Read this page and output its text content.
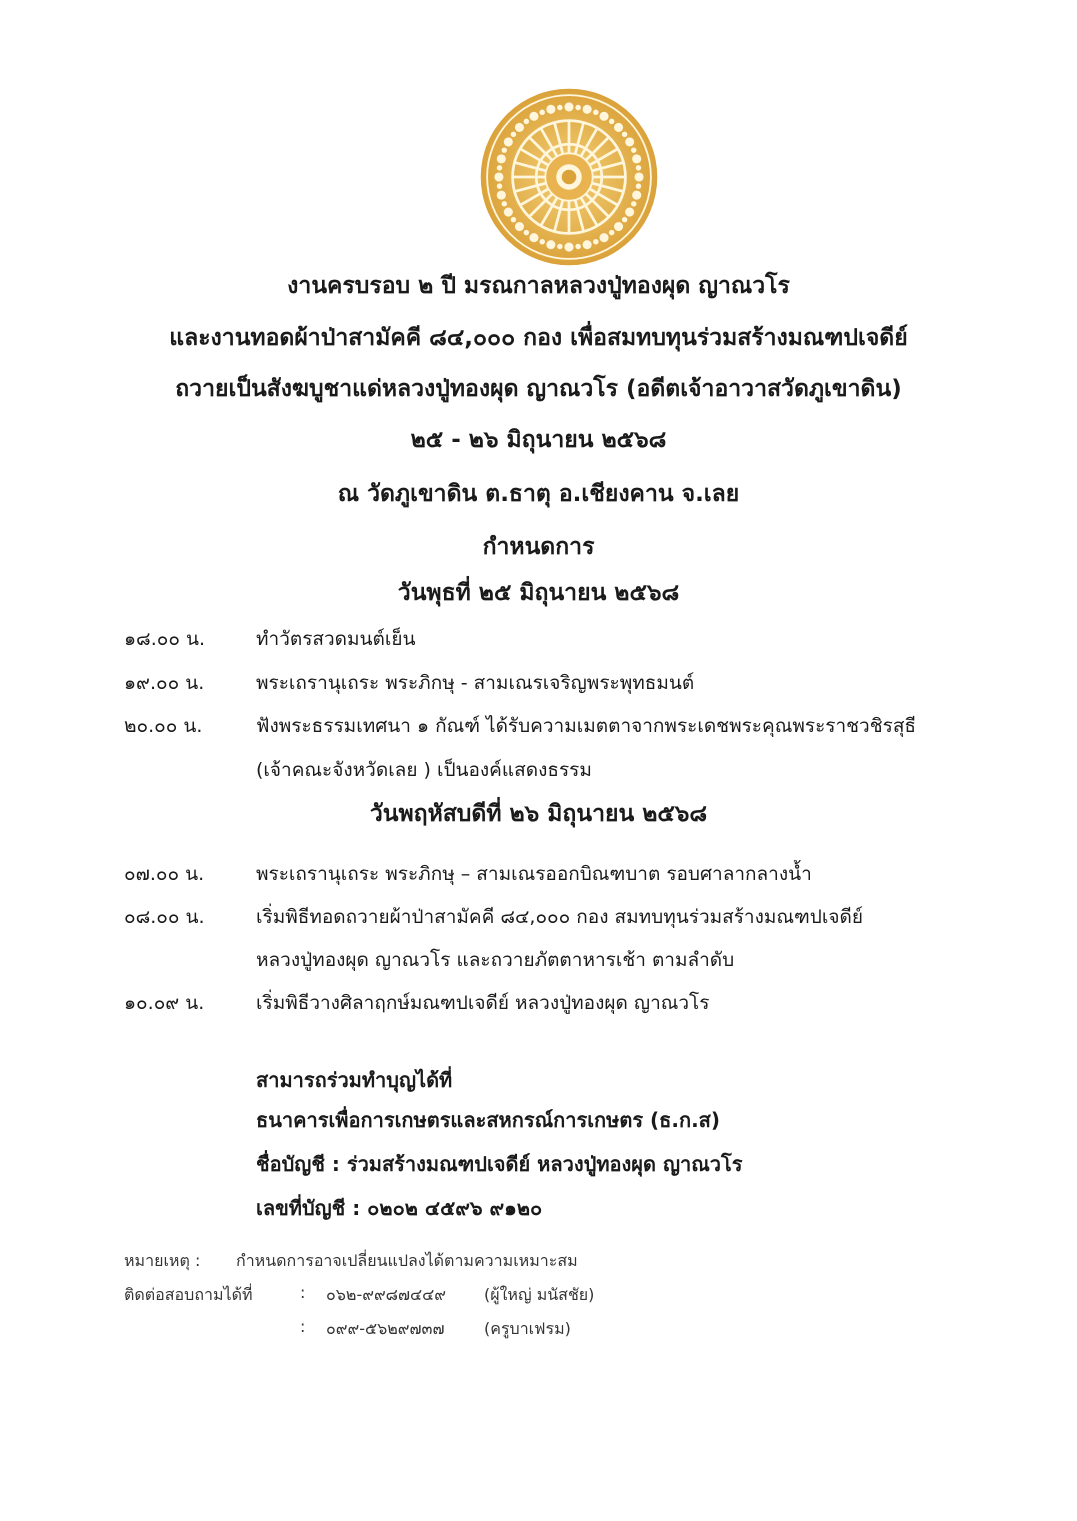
งานครบรอบ ๒ ปี มรณกาลหลวงปู่ทองผุด ญาณวโร
และงานทอดผ้าป่าสามัคคี ๘๔,๐๐๐ กอง เพื่อสมทบทุนร่วมสร้างมณฑปเจดีย์
ถวายเป็นสังฆบูชาแด่หลวงปู่ทองผุด ญาณวโร (อดีตเจ้าอาวาสวัดภูเขาดิน)
๒๕ - ๒๖ มิถุนายน ๒๕๖๘
ณ วัดภูเขาดิน ต.ธาตุ อ.เชียงคาน จ.เลย
กำหนดการ
วันพุธที่ ๒๕ มิถุนายน ๒๕๖๘
๑๘.๐๐ น.	ทำวัตรสวดมนต์เย็น
๑๙.๐๐ น.	พระเถรานุเถระ พระภิกษุ - สามเณรเจริญพระพุทธมนต์
๒๐.๐๐ น.	ฟังพระธรรมเทศนา ๑ กัณฑ์ ได้รับความเมตตาจากพระเดชพระคุณพระราชวชิรสุธี
(เจ้าคณะจังหวัดเลย ) เป็นองค์แสดงธรรม
วันพฤหัสบดีที่ ๒๖ มิถุนายน ๒๕๖๘
๐๗.๐๐ น.	พระเถรานุเถระ พระภิกษุ – สามเณรออกบิณฑบาต รอบศาลากลางน้ำ
๐๘.๐๐ น.	เริ่มพิธีทอดถวายผ้าป่าสามัคคี ๘๔,๐๐๐ กอง สมทบทุนร่วมสร้างมณฑปเจดีย์
หลวงปู่ทองผุด ญาณวโร และถวายภัตตาหารเช้า ตามลำดับ
๑๐.๐๙ น.	เริ่มพิธีวางศิลาฤกษ์มณฑปเจดีย์ หลวงปู่ทองผุด ญาณวโร
สามารถร่วมทำบุญได้ที่
ธนาคารเพื่อการเกษตรและสหกรณ์การเกษตร (ธ.ก.ส)
ชื่อบัญชี : ร่วมสร้างมณฑปเจดีย์ หลวงปู่ทองผุด ญาณวโร
เลขที่บัญชี : ๐๒๐๒ ๔๕๙๖ ๙๑๒๐
หมายเหตุ : กำหนดการอาจเปลี่ยนแปลงได้ตามความเหมาะสม
ติดต่อสอบถามได้ที่	: ๐๖๒-๙๙๘๗๔๔๙ (ผู้ใหญ่ มนัสชัย)
: ๐๙๙-๕๖๒๙๗๓๗ (ครูบาเฟรม)
